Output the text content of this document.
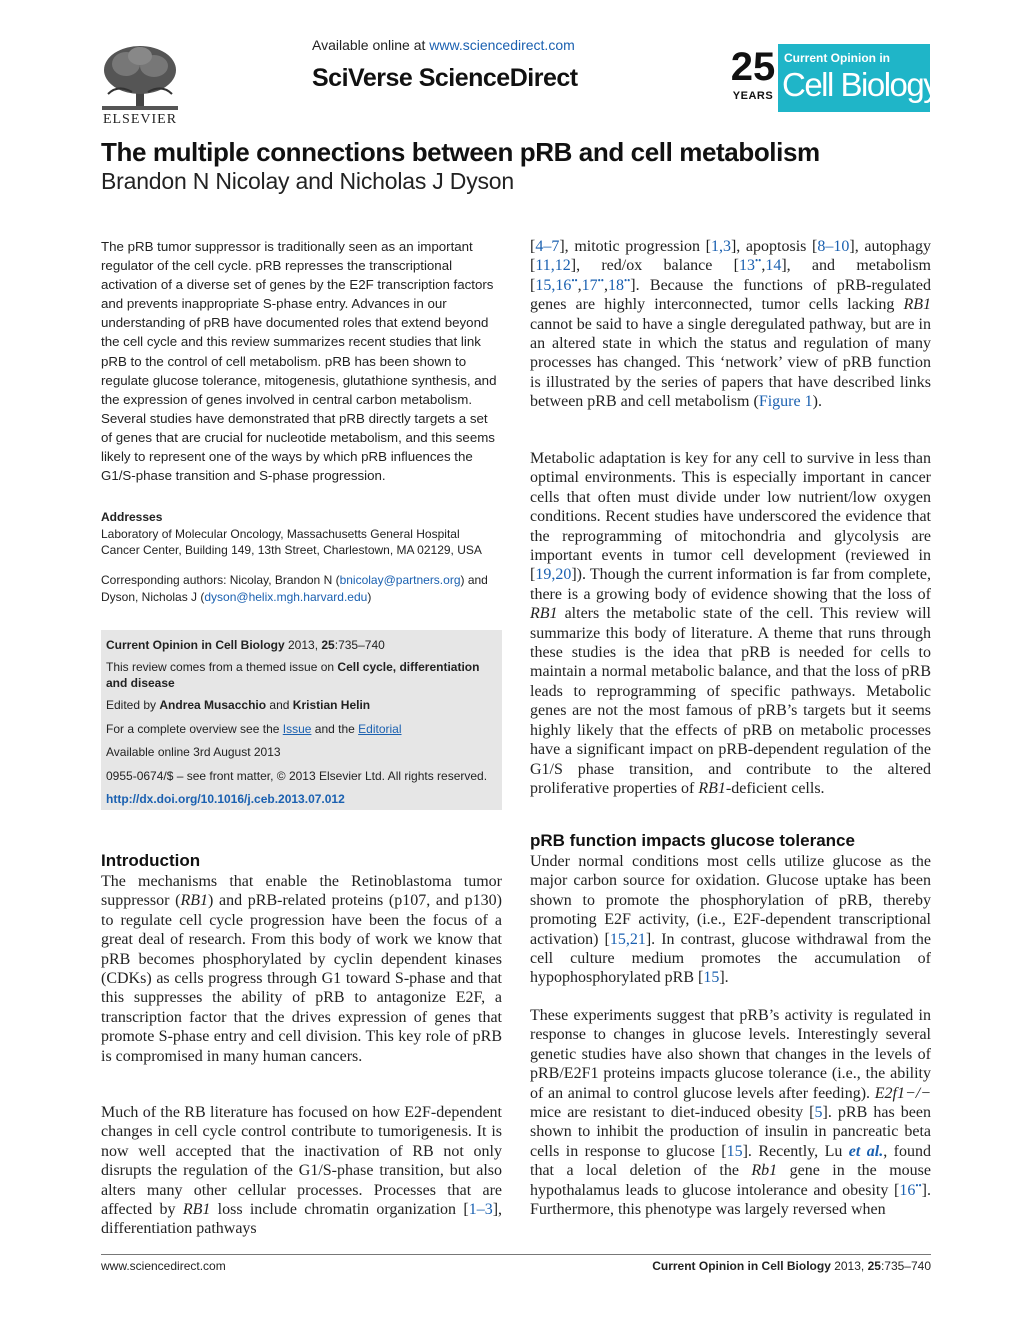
ELSEVIER
Available online at www.sciencedirect.com
SciVerse ScienceDirect	25
YEARS
Current Opinion in
Cell Biology
The multiple connections between pRB and cell metabolism
Brandon N Nicolay and Nicholas J Dyson
The pRB tumor suppressor is traditionally seen as an important regulator of the cell cycle. pRB represses the transcriptional activation of a diverse set of genes by the E2F transcription factors and prevents inappropriate S-phase entry. Advances in our understanding of pRB have documented roles that extend beyond the cell cycle and this review summarizes recent studies that link pRB to the control of cell metabolism. pRB has been shown to regulate glucose tolerance, mitogenesis, glutathione synthesis, and the expression of genes involved in central carbon metabolism. Several studies have demonstrated that pRB directly targets a set of genes that are crucial for nucleotide metabolism, and this seems likely to represent one of the ways by which pRB influences the G1/S-phase transition and S-phase progression.
Addresses
Laboratory of Molecular Oncology, Massachusetts General Hospital
Cancer Center, Building 149, 13th Street, Charlestown, MA 02129, USA
Corresponding authors: Nicolay, Brandon N (bnicolay@partners.org) and
Dyson, Nicholas J (dyson@helix.mgh.harvard.edu)
Current Opinion in Cell Biology 2013, 25:735–740
This review comes from a themed issue on Cell cycle, differentiation and disease
Edited by Andrea Musacchio and Kristian Helin
For a complete overview see the Issue and the Editorial
Available online 3rd August 2013
0955-0674/$ – see front matter, © 2013 Elsevier Ltd. All rights reserved.
http://dx.doi.org/10.1016/j.ceb.2013.07.012
Introduction
The mechanisms that enable the Retinoblastoma tumor suppressor (RB1) and pRB-related proteins (p107, and p130) to regulate cell cycle progression have been the focus of a great deal of research. From this body of work we know that pRB becomes phosphorylated by cyclin dependent kinases (CDKs) as cells progress through G1 toward S-phase and that this suppresses the ability of pRB to antagonize E2F, a transcription factor that the drives expression of genes that promote S-phase entry and cell division. This key role of pRB is compromised in many human cancers.
Much of the RB literature has focused on how E2F-dependent changes in cell cycle control contribute to tumorigenesis. It is now well accepted that the inactivation of RB not only disrupts the regulation of the G1/S-phase transition, but also alters many other cellular processes. Processes that are affected by RB1 loss include chromatin organization [1–3], differentiation pathways
[4–7], mitotic progression [1,3], apoptosis [8–10], autophagy [11,12], red/ox balance [13••,14], and metabolism [15,16••,17••,18••]. Because the functions of pRB-regulated genes are highly interconnected, tumor cells lacking RB1 cannot be said to have a single deregulated pathway, but are in an altered state in which the status and regulation of many processes has changed. This ‘network’ view of pRB function is illustrated by the series of papers that have described links between pRB and cell metabolism (Figure 1).
Metabolic adaptation is key for any cell to survive in less than optimal environments. This is especially important in cancer cells that often must divide under low nutrient/low oxygen conditions. Recent studies have underscored the evidence that the reprogramming of mitochondria and glycolysis are important events in tumor cell development (reviewed in [19,20]). Though the current information is far from complete, there is a growing body of evidence showing that the loss of RB1 alters the metabolic state of the cell. This review will summarize this body of literature. A theme that runs through these studies is the idea that pRB is needed for cells to maintain a normal metabolic balance, and that the loss of pRB leads to reprogramming of specific pathways. Metabolic genes are not the most famous of pRB’s targets but it seems highly likely that the effects of pRB on metabolic processes have a significant impact on pRB-dependent regulation of the G1/S phase transition, and contribute to the altered proliferative properties of RB1-deficient cells.
pRB function impacts glucose tolerance
Under normal conditions most cells utilize glucose as the major carbon source for oxidation. Glucose uptake has been shown to promote the phosphorylation of pRB, thereby promoting E2F activity, (i.e., E2F-dependent transcriptional activation) [15,21]. In contrast, glucose withdrawal from the cell culture medium promotes the accumulation of hypophosphorylated pRB [15].
These experiments suggest that pRB’s activity is regulated in response to changes in glucose levels. Interestingly several genetic studies have also shown that changes in the levels of pRB/E2F1 proteins impacts glucose tolerance (i.e., the ability of an animal to control glucose levels after feeding). E2f1−/− mice are resistant to diet-induced obesity [5]. pRB has been shown to inhibit the production of insulin in pancreatic beta cells in response to glucose [15]. Recently, Lu et al., found that a local deletion of the Rb1 gene in the mouse hypothalamus leads to glucose intolerance and obesity [16••]. Furthermore, this phenotype was largely reversed when
www.sciencedirect.com	Current Opinion in Cell Biology 2013, 25:735–740
